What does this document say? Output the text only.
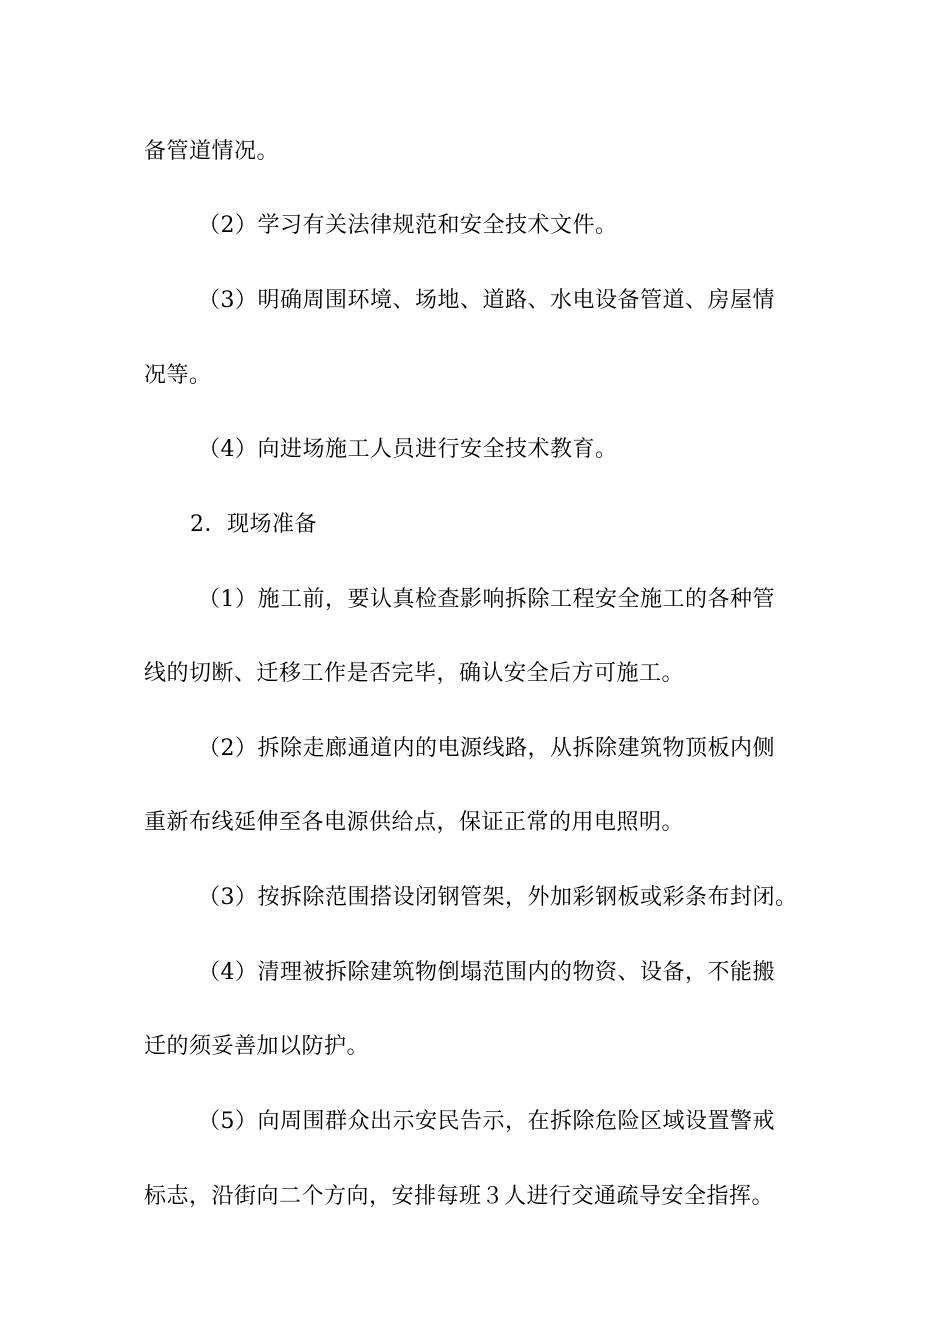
备管道情况。
（2）学习有关法律规范和安全技术文件。
（3）明确周围环境、场地、道路、水电设备管道、房屋情
况等。
（4）向进场施工人员进行安全技术教育。
2．现场准备
（1）施工前，要认真检查影响拆除工程安全施工的各种管
线的切断、迁移工作是否完毕，确认安全后方可施工。
（2）拆除走廊通道内的电源线路，从拆除建筑物顶板内侧
重新布线延伸至各电源供给点，保证正常的用电照明。
（3）按拆除范围搭设闭钢管架，外加彩钢板或彩条布封闭。
（4）清理被拆除建筑物倒塌范围内的物资、设备，不能搬
迁的须妥善加以防护。
（5）向周围群众出示安民告示，在拆除危险区域设置警戒
标志，沿街向二个方向，安排每班３人进行交通疏导安全指挥。
